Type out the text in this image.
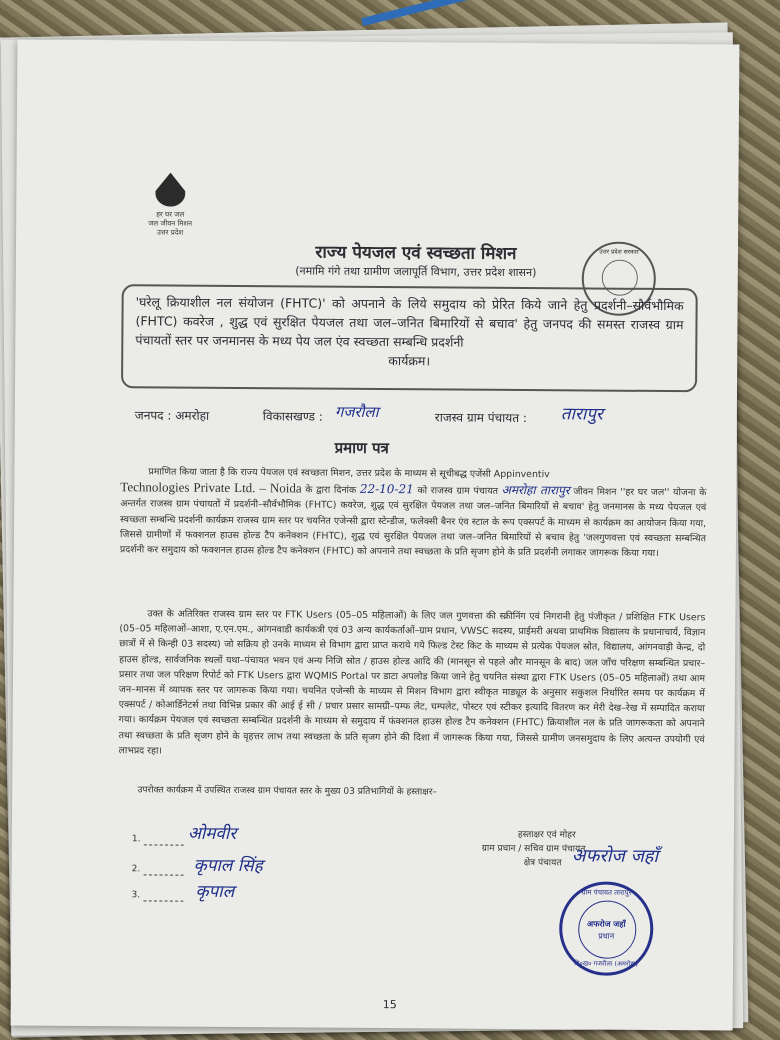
हर घर जल
जल जीवन मिशन
उत्तर प्रदेश
उत्तर प्रदेश सरकार
राज्य पेयजल एवं स्वच्छता मिशन
(नमामि गंगे तथा ग्रामीण जलापूर्ति विभाग, उत्तर प्रदेश शासन)
'घरेलू क्रियाशील नल संयोजन (FHTC)' को अपनाने के लिये समुदाय को प्रेरित किये जाने हेतु प्रदर्शनी–सौर्वभौमिक (FHTC) कवरेज , शुद्ध एवं सुरक्षित पेयजल तथा जल–जनित बिमारियों से बचाव' हेतु जनपद की समस्त राजस्व ग्राम पंचायतों स्तर पर जनमानस के मध्य पेय जल एंव स्वच्छता सम्बन्धि प्रदर्शनी
कार्यक्रम।
जनपद : अमरोहा	विकासखण्ड : गजरौला	राजस्व ग्राम पंचायत : तारापुर
प्रमाण पत्र
प्रमाणित किया जाता है कि राज्य पेयजल एवं स्वच्छता मिशन, उत्तर प्रदेश के माध्यम से सूचीबद्ध एजेंसी Appinventiv
Technologies Private Ltd. – Noida के द्वारा दिनांक 22-10-21 को राजस्व ग्राम पंचायत अमरोहा तारापुर जीवन मिशन ''हर घर जल'' योजना के अन्तर्गत राजस्व ग्राम पंचायतों में प्रदर्शनी–सौर्वभौमिक (FHTC) कवरेज, शुद्ध एवं सुरक्षित पेयजल तथा जल–जनित बिमारियों से बचाव' हेतु जनमानस के मध्य पेयजल एवं स्वच्छता सम्बन्धि प्रदर्शनी कार्यक्रम राजस्व ग्राम स्तर पर चयनित एजेन्सी द्वारा स्टेन्डीज, फलेक्सी बैनर एंव स्टाल के रूप एक्सपर्ट के माध्यम से कार्यक्रम का आयोजन किया गया, जिससे ग्रामीणों में फक्शनल हाउस होल्ड टैप कनेक्शन (FHTC), शुद्ध एवं सुरक्षित पेयजल तथा जल–जनित बिमारियों से बचाव हेतु 'जलगुणवत्ता एवं स्वच्छता सम्बन्धित प्रदर्शनी कर समुदाय को फक्शनल हाउस होल्ड टैप कनेक्शन (FHTC) को अपनाने तथा स्वच्छता के प्रति सृजग होने के प्रति प्रदर्शनी लगाकर जागरूक किया गया।
उक्त के अतिरिक्त राजस्व ग्राम स्तर पर FTK Users (05–05 महिलाओं) के लिए जल गुणवत्ता की स्क्रीनिंग एवं निगरानी हेतु पंजीकृत / प्रशिक्षित FTK Users (05–05 महिलाओं–आशा, ए.एन.एम., आंगनवाडी कार्यकत्री एवं 03 अन्य कार्यकर्ताओं–ग्राम प्रधान, VWSC सदस्य, प्राईमरी अथवा प्राथमिक विद्यालय के प्रधानाचार्य, विज्ञान छात्रों में से किन्ही 03 सदस्य) जो सक्रिय हो उनके माध्यम से विभाग द्वारा प्राप्त कराये गये फिल्ड टेस्ट किट के माध्यम से प्रत्येक पेयजल स्रोत, विद्यालय, आंगनवाड़ी केन्द्र, दो हाउस होल्ड, सार्वजनिक स्थलों यथा–पंचायत भवन एवं अन्य निजि स्रोत / हाउस होल्ड आदि की (मानसून से पहले और मानसून के बाद) जल जाँच परिक्षण सम्बन्धित प्रचार–प्रसार तथा जल परिक्षण रिपोर्ट को FTK Users द्वारा WQMIS Portal पर डाटा अपलोड किया जाने हेतु चयनित संस्था द्वारा FTK Users (05–05 महिलाओं) तथा आम जन–मानस में व्यापक स्तर पर जागरूक किया गया। चयनित एजेन्सी के माध्यम से मिशन विभाग द्वारा स्वीकृत माड्यूल के अनुसार सकुशल निर्धारित समय पर कार्यक्रम में एक्सपर्ट / कोआर्डिनेटर्स तथा विभिन्न प्रकार की आई ई सी / प्रचार प्रसार सामग्री–पम्फ लेट, घम्पलेट, पोस्टर एवं स्टीकर इत्यादि वितरण कर मेरी देख–रेख में सम्पादित कराया गया। कार्यक्रम पेयजल एवं स्वच्छता सम्बन्धित प्रदर्शनी के माध्यम से समुदाय में फंक्शनल हाउस होल्ड टैप कनेक्शन (FHTC) क्रियाशील नल के प्रति जागरूकता को अपनाने तथा स्वच्छता के प्रति सृजग होने के वृहत्तर लाभ तथा स्वच्छता के प्रति सृजग होने की दिशा में जागरूक किया गया, जिससे ग्रामीण जनसमुदाय के लिए अत्यन्त उपयोगी एवं लाभप्रद रहा।
उपरोक्त कार्यक्रम में उपस्थित राजस्व ग्राम पंचायत स्तर के मुख्य 03 प्रतिभागियों के हस्ताक्षर–
1.
2.
3.
ओमवीर
कृपाल सिंह
कृपाल
हस्ताक्षर एवं मोहर
ग्राम प्रधान / सचिव ग्राम पंचायत
क्षेत्र पंचायत अफरोज जहाँ
ग्राम पंचायत तारापुर
अफरोज जहाँ
प्रधान
वि०ख० गजरौला (अमरोहा)
15
